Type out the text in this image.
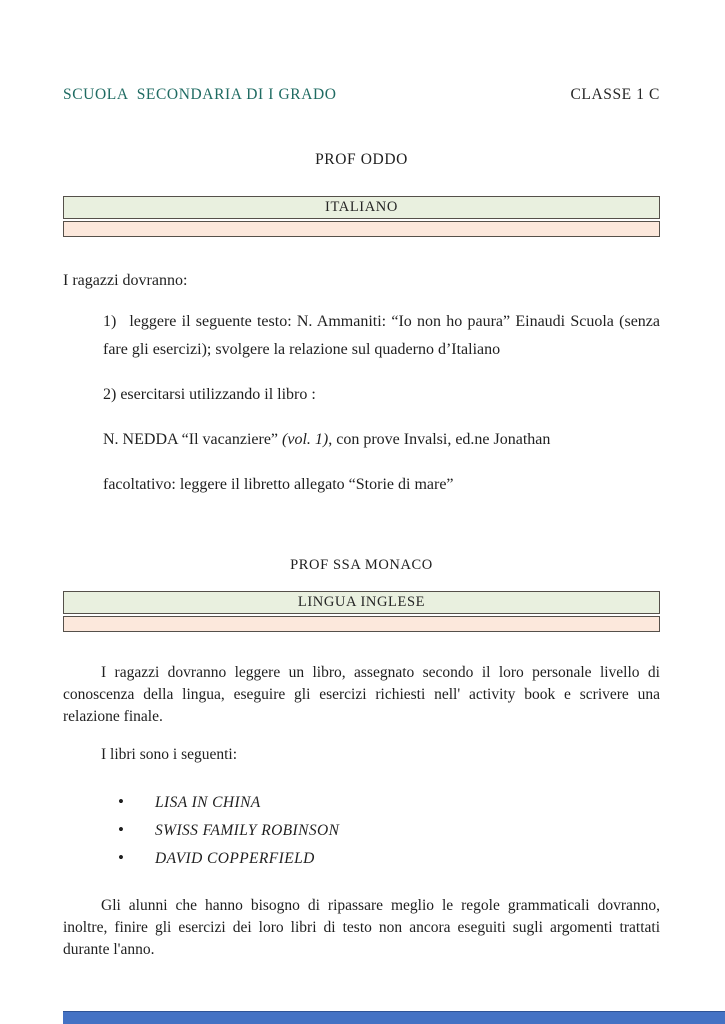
SCUOLA  SECONDARIA DI I GRADO	CLASSE 1 C
PROF ODDO
ITALIANO
I ragazzi dovranno:

1) leggere il seguente testo: N. Ammaniti: “Io non ho paura” Einaudi Scuola (senza fare gli esercizi); svolgere la relazione sul quaderno d’Italiano

2) esercitarsi utilizzando il libro :

N. NEDDA “Il vacanziere” (vol. 1), con prove Invalsi, ed.ne Jonathan

facoltativo: leggere il libretto allegato “Storie di mare”

PROF SSA MONACO
LINGUA INGLESE

I ragazzi dovranno leggere un libro, assegnato secondo il loro personale livello di conoscenza della lingua, eseguire gli esercizi richiesti nell' activity book e scrivere una relazione finale.

I libri sono i seguenti:

•	LISA IN CHINA
•	SWISS FAMILY ROBINSON
•	DAVID COPPERFIELD

Gli alunni che hanno bisogno di ripassare meglio le regole grammaticali dovranno, inoltre, finire gli esercizi dei loro libri di testo non ancora eseguiti sugli argomenti trattati durante l'anno.
